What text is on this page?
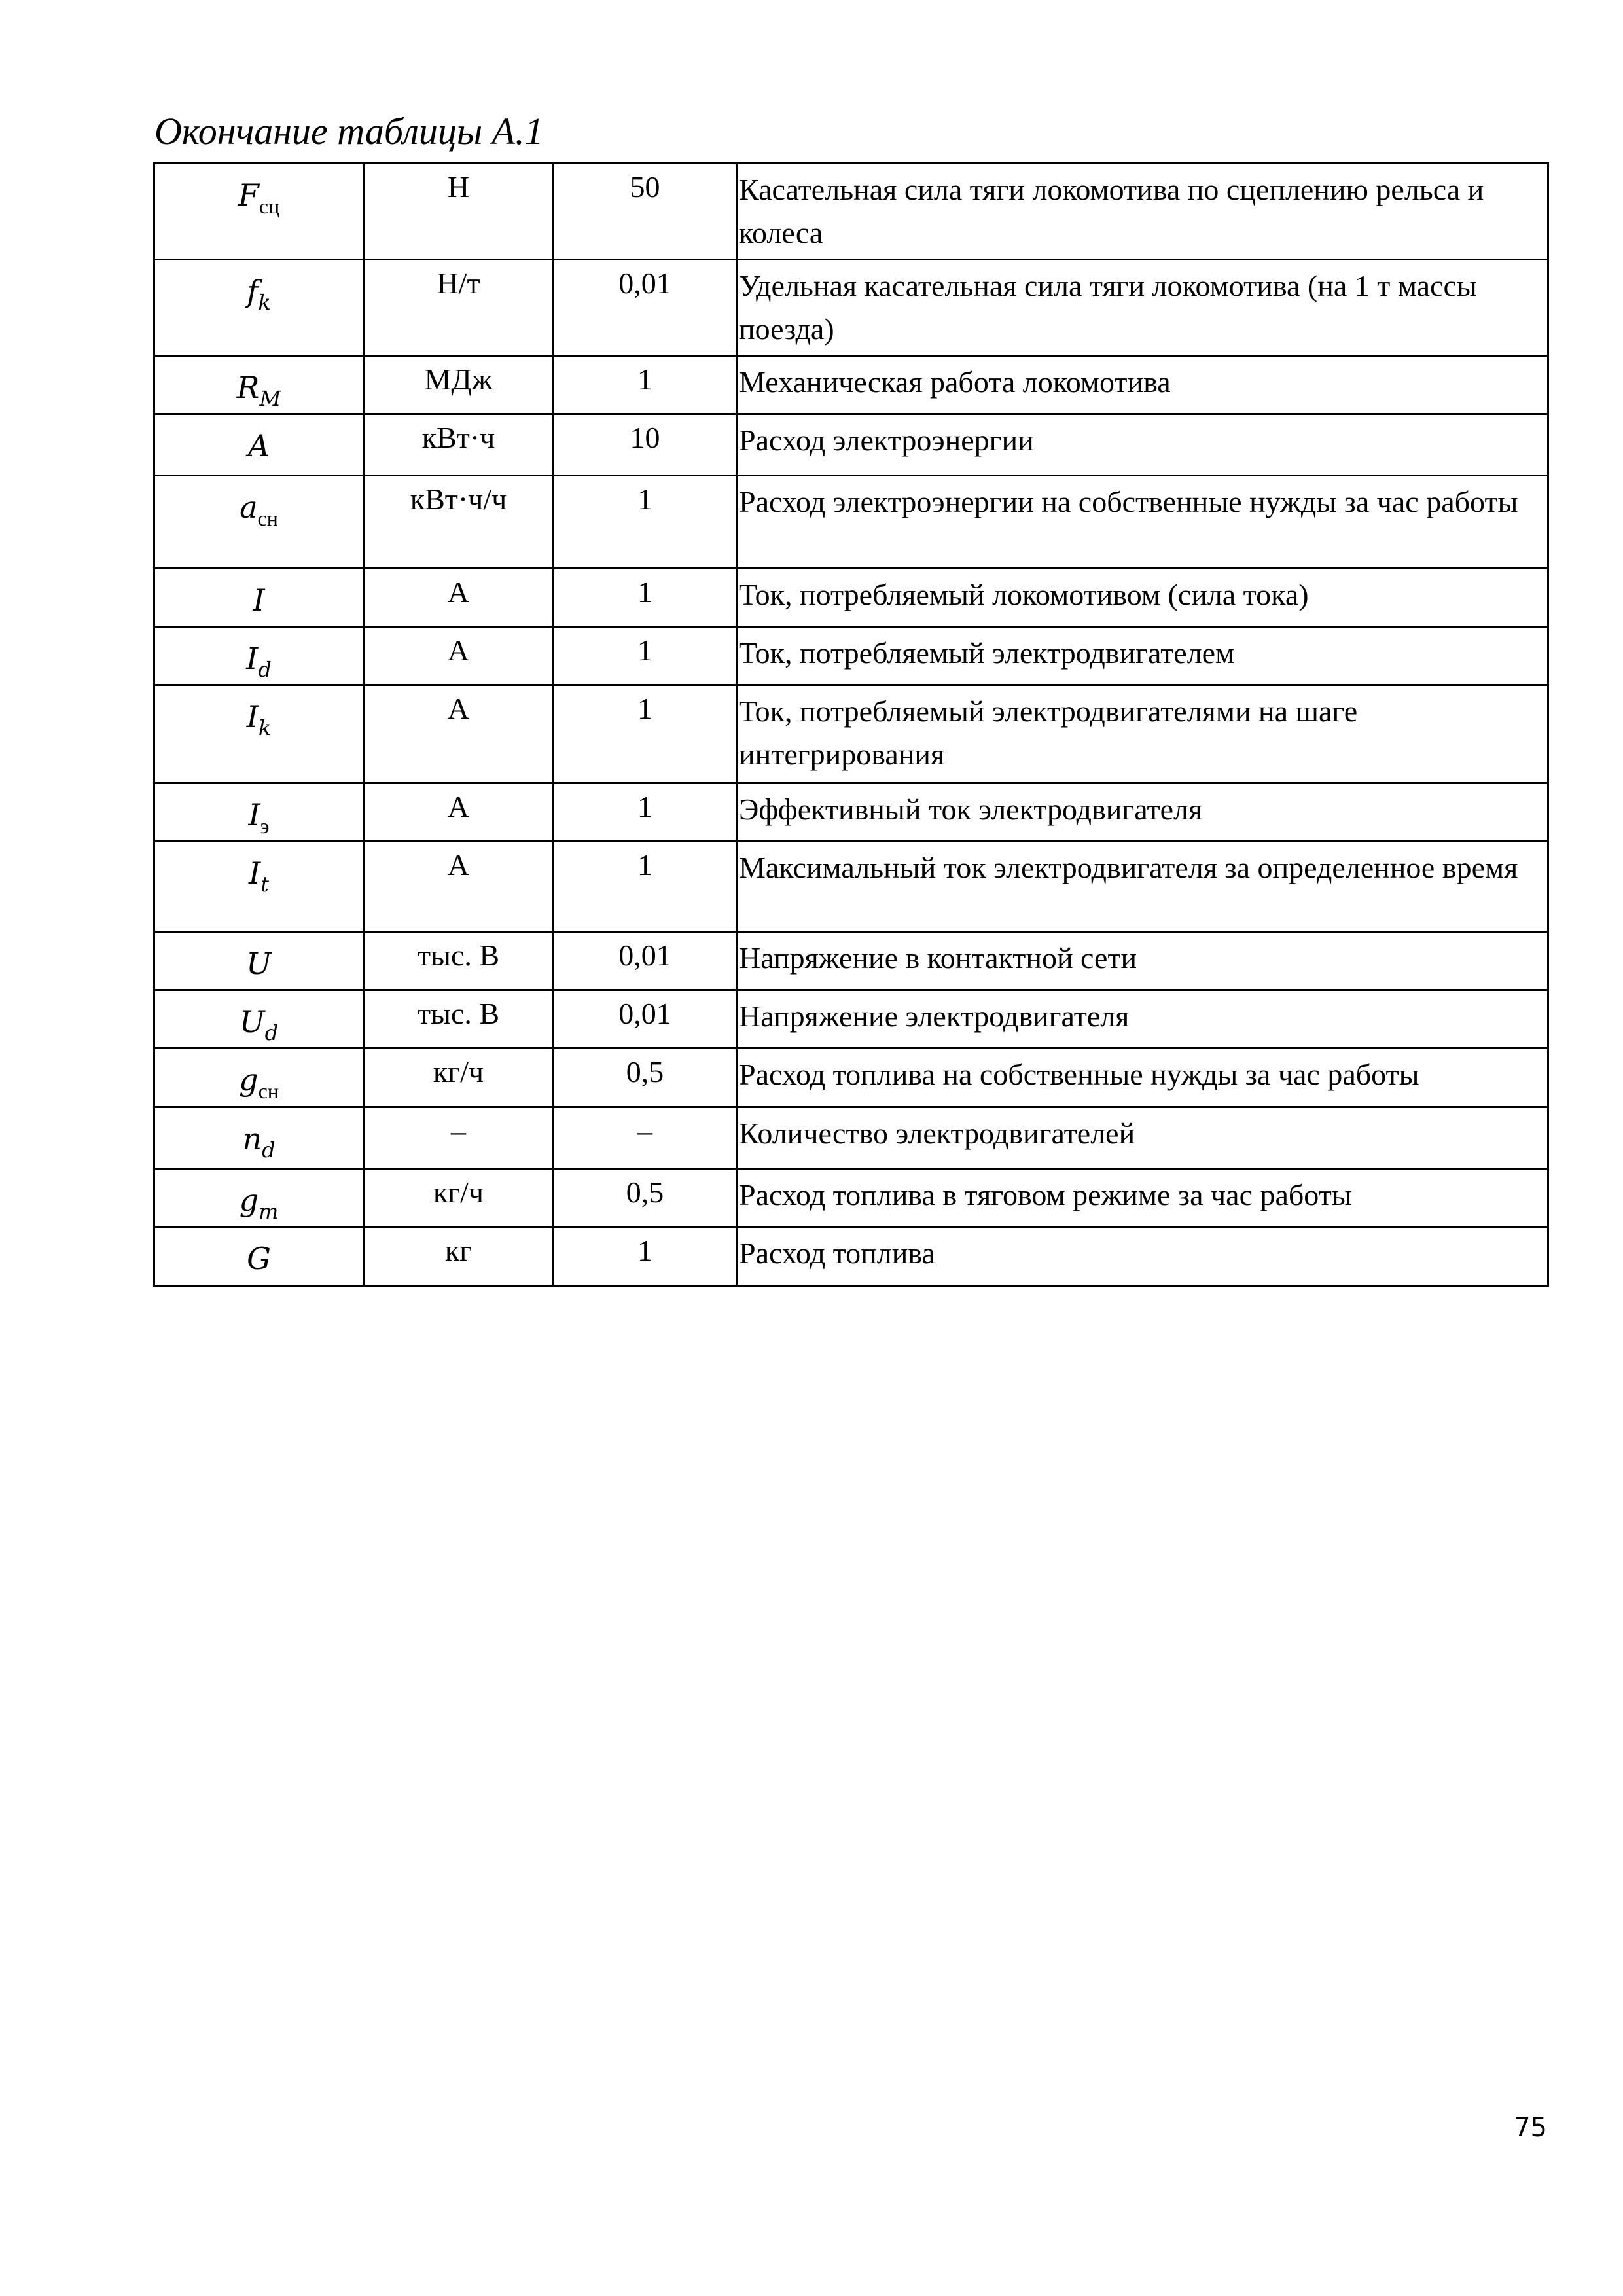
Окончание таблицы А.1
$F_{сц}$	Н	50	Касательная сила тяги локомотива по сцеплению рельса и колеса
$f_k$	Н/т	0,01	Удельная касательная сила тяги локомотива (на 1 т массы поезда)
$R_M$	МДж	1	Механическая работа локомотива
A	кВт·ч	10	Расход электроэнергии
$a_{сн}$	кВт·ч/ч	1	Расход электроэнергии на собственные нужды за час работы
I	А	1	Ток, потребляемый локомотивом (сила тока)
$I_d$	А	1	Ток, потребляемый электродвигателем
$I_k$	А	1	Ток, потребляемый электродвигателями на шаге интегрирования
$I_э$	А	1	Эффективный ток электродвигателя
$I_t$	А	1	Максимальный ток электродвигателя за определенное время
U	тыс. В	0,01	Напряжение в контактной сети
$U_d$	тыс. В	0,01	Напряжение электродвигателя
$g_{сн}$	кг/ч	0,5	Расход топлива на собственные нужды за час работы
$n_d$	–	–	Количество электродвигателей
$g_m$	кг/ч	0,5	Расход топлива в тяговом режиме за час работы
G	кг	1	Расход топлива
75
